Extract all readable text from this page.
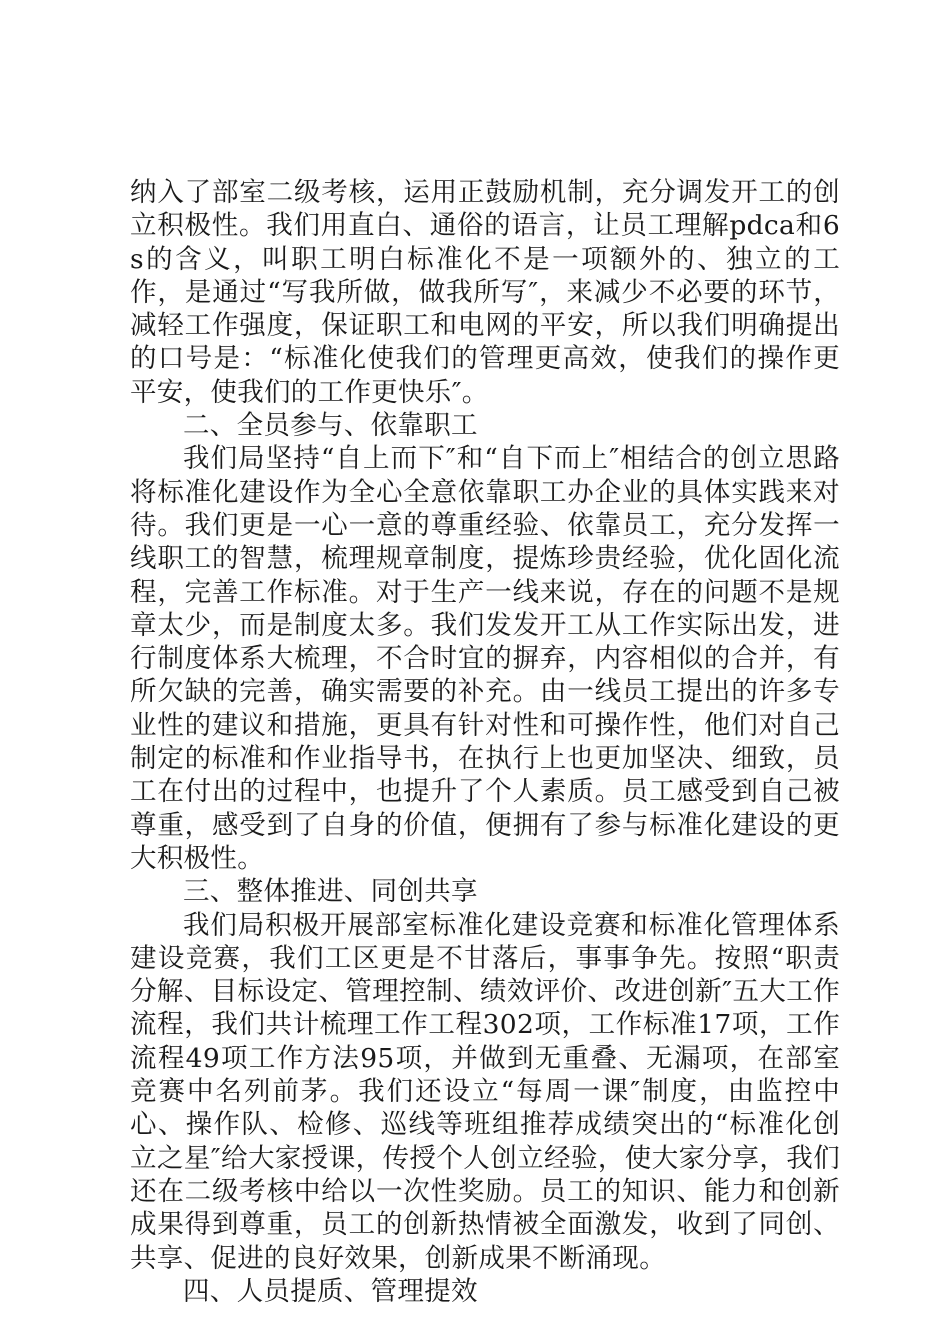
纳入了部室二级考核，运用正鼓励机制，充分调发开工的创立积极性。我们用直白、通俗的语言，让员工理解pdca和6s的含义，叫职工明白标准化不是一项额外的、独立的工作，是通过“写我所做，做我所写″，来减少不必要的环节，减轻工作强度，保证职工和电网的平安，所以我们明确提出的口号是：“标准化使我们的管理更高效，使我们的操作更平安，使我们的工作更快乐″。

二、全员参与、依靠职工

我们局坚持“自上而下″和“自下而上″相结合的创立思路将标准化建设作为全心全意依靠职工办企业的具体实践来对待。我们更是一心一意的尊重经验、依靠员工，充分发挥一线职工的智慧，梳理规章制度，提炼珍贵经验，优化固化流程，完善工作标准。对于生产一线来说，存在的问题不是规章太少，而是制度太多。我们发发开工从工作实际出发，进行制度体系大梳理，不合时宜的摒弃，内容相似的合并，有所欠缺的完善，确实需要的补充。由一线员工提出的许多专业性的建议和措施，更具有针对性和可操作性，他们对自己制定的标准和作业指导书，在执行上也更加坚决、细致，员工在付出的过程中，也提升了个人素质。员工感受到自己被尊重，感受到了自身的价值，便拥有了参与标准化建设的更大积极性。

三、整体推进、同创共享

我们局积极开展部室标准化建设竞赛和标准化管理体系建设竞赛，我们工区更是不甘落后，事事争先。按照“职责分解、目标设定、管理控制、绩效评价、改进创新″五大工作流程，我们共计梳理工作工程302项，工作标准17项，工作流程49项工作方法95项，并做到无重叠、无漏项，在部室竞赛中名列前茅。我们还设立“每周一课″制度，由监控中心、操作队、检修、巡线等班组推荐成绩突出的“标准化创立之星″给大家授课，传授个人创立经验，使大家分享，我们还在二级考核中给以一次性奖励。员工的知识、能力和创新成果得到尊重，员工的创新热情被全面激发，收到了同创、共享、促进的良好效果，创新成果不断涌现。

四、人员提质、管理提效
